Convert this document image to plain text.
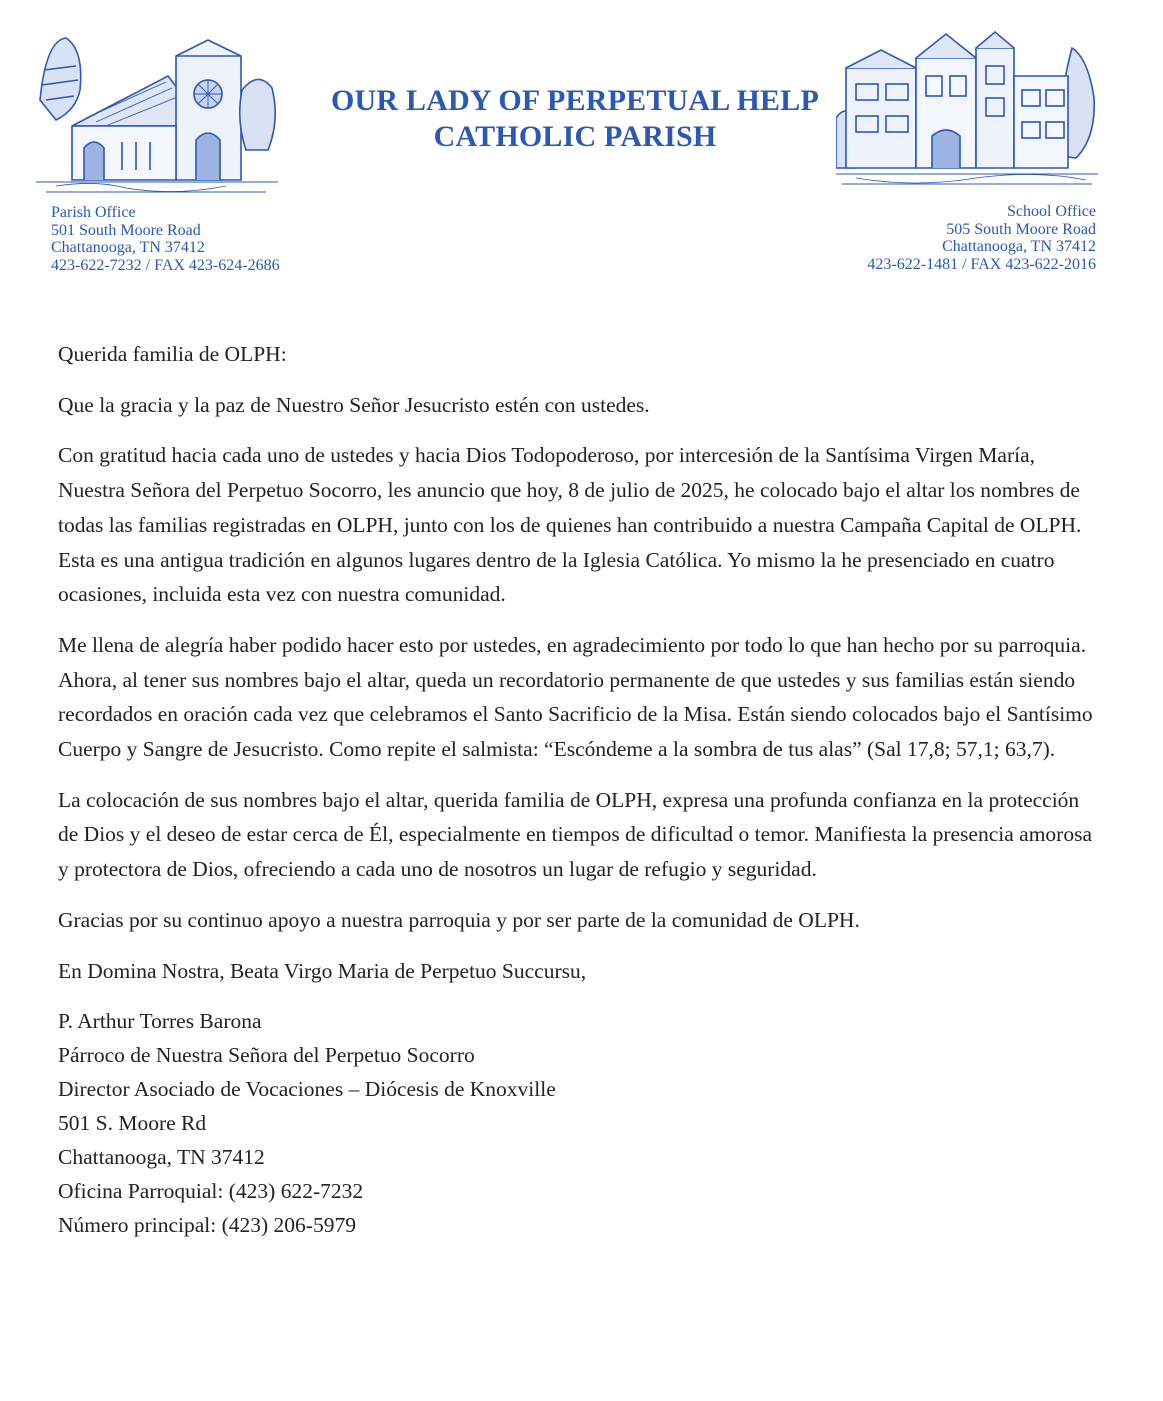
OUR LADY OF PERPETUAL HELP
CATHOLIC PARISH
Parish Office
501 South Moore Road
Chattanooga, TN 37412
423-622-7232 / FAX 423-624-2686
School Office
505 South Moore Road
Chattanooga, TN 37412
423-622-1481 / FAX 423-622-2016

Querida familia de OLPH:

Que la gracia y la paz de Nuestro Señor Jesucristo estén con ustedes.

Con gratitud hacia cada uno de ustedes y hacia Dios Todopoderoso, por intercesión de la Santísima Virgen María, Nuestra Señora del Perpetuo Socorro, les anuncio que hoy, 8 de julio de 2025, he colocado bajo el altar los nombres de todas las familias registradas en OLPH, junto con los de quienes han contribuido a nuestra Campaña Capital de OLPH. Esta es una antigua tradición en algunos lugares dentro de la Iglesia Católica. Yo mismo la he presenciado en cuatro ocasiones, incluida esta vez con nuestra comunidad.

Me llena de alegría haber podido hacer esto por ustedes, en agradecimiento por todo lo que han hecho por su parroquia. Ahora, al tener sus nombres bajo el altar, queda un recordatorio permanente de que ustedes y sus familias están siendo recordados en oración cada vez que celebramos el Santo Sacrificio de la Misa. Están siendo colocados bajo el Santísimo Cuerpo y Sangre de Jesucristo. Como repite el salmista: “Escóndeme a la sombra de tus alas” (Sal 17,8; 57,1; 63,7).

La colocación de sus nombres bajo el altar, querida familia de OLPH, expresa una profunda confianza en la protección de Dios y el deseo de estar cerca de Él, especialmente en tiempos de dificultad o temor. Manifiesta la presencia amorosa y protectora de Dios, ofreciendo a cada uno de nosotros un lugar de refugio y seguridad.

Gracias por su continuo apoyo a nuestra parroquia y por ser parte de la comunidad de OLPH.

En Domina Nostra, Beata Virgo Maria de Perpetuo Succursu,

P. Arthur Torres Barona
Párroco de Nuestra Señora del Perpetuo Socorro
Director Asociado de Vocaciones – Diócesis de Knoxville
501 S. Moore Rd
Chattanooga, TN 37412
Oficina Parroquial: (423) 622-7232
Número principal: (423) 206-5979
